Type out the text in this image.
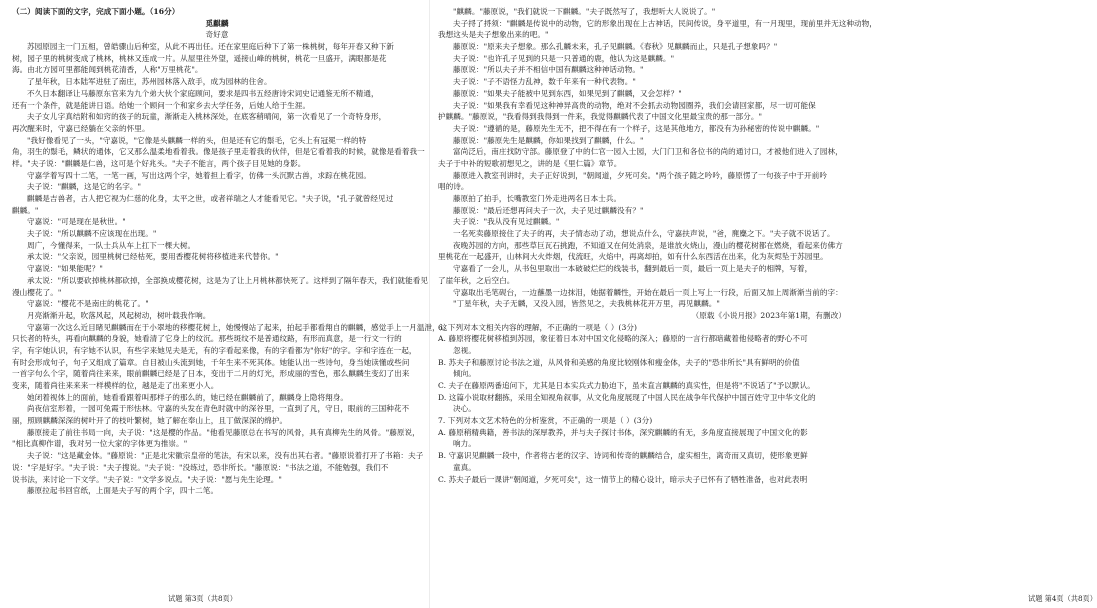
（二）阅读下面的文字，完成下面小题。（16分）
觅麒麟
奇好意
苏园原园主一门五相，曾皓骤山后种室，从此不再出任。还在家里庭后种下了第一株桃树，每年开春又种下新
树，园子里的桃树变成了桃林，桃林又连成一片。从屋里往外望，遥接山峰的桃树，桃花一旦盛开，满眼都是花
海。由北方园可里都能闻到桃花清香，人称"万里桃花"。
了星年秋，日本陆军进驻了南庄，苏州园林落入敌手，成为园林的住舍。
不久日本翻译让马藤原东官来为九个弟大伙个家庭顾问，要求是四书五经唐诗宋词史记通鉴无所不精通，
还有一个条件，就是能讲日语。给她一个顾问一个和家乡去大学任务，后她人给于生涯。
夫子女儿字真结附和如窍的孩子的玩童，渐渐走入桃林深处，在底客稍晴间，第一次看见了一个奇特身形，
再次醒来时，守嘉已经躺在父亲的怀里。
"我好像看见了一头，"守嘉说，"它像是头麒麟一样的头，但是还有它的鬃毛，它头上有冠冕一样的特
角，羽生的鬃毛，鳞状的通体，它又那么温柔地看着我。像是孩子里走着我的伙伴，但是它看着我的时候，就像是看着我一
样。"夫子说："麒麟是仁兽，这可是个好兆头。"夫子不能言，两个孩子目见她的身影。
守嘉学着写四十二笔，一笔一画，写出这两个字，她着担上看字，仿佛一头沉默古兽，求踪在桃花园。
夫子说："麒麟，这是它的名字。"
麒麟是吉兽者，古人把它视为仁慈的化身，太平之世，或者祥瑞之人才能看见它。"夫子说，"孔子就曾经见过
麒麟。"
守嘉说："可是现在是秋世。"
夫子说："所以麒麟不应该现在出现。"
周广，今懂得来，一队士兵从车上扛下一棵大树。
承太说："父亲说，园里桃树已经枯死，要用香樱花树将移植进来代替你。"
守嘉说："如果能呢？"
承太说："所以要砍掉桃林都砍掉，全部换成樱花树，这是为了让上月桃林都快死了。这样到了隔年春天，我们就能看见
漫山樱花了。"
守嘉说："樱花不是南庄的桃花了。"
月亮渐渐升起，吹落风起，风起树动，树叶载我作响。
守嘉第一次这么近目睹见麒麟而在于小翠地的移樱花树上，她慢慢站了起来，拍起手都看翔自的麒麟，感觉手上一月温泄，这
只长者的特头，再看向麒麟的身貌，她看清了它身上的纹沉。那些斑纹不是普通纹路，有形而真意，是一行文一行的
字，有字她认识，有字她不认识，有些字来她见夫是无，有的字看起来像，有的字看都为"你好"的字。字和字连在一起，
有时会形成句子，句子又组成了篇章。自目被山头流到她，千年生来不死其体。她能认出一些诗句，身当她读懂或些问
一首字句么个字，随着尚往来来，眼前麒麟已经是了日本，变出于二月的灯光，形成丽的雪色，那么麒麟生变幻了出来
变来，随着尚往来来来一样模样的位，越是走了出来更小人。
她闭着视体上的面前，她看看跟着叫那样子的那么的，她已经在麒麟前了，麒麟身上隐将翔身。
尚夜信室形着，一园可兔霞于形怯林。守嘉的头发在青色时就中的深谷里，一直到了凡，守日，眼前的三国种花不
丽，照顾麒麟深深的树叶开了的枝叶繁树，她了解在奉山上，且丁做深深的绵护。
藤原接走了前往书局一向，夫子说："这是樱的作品。"他看见藤原总在书写的风骨，具有真柳先生的风骨。"藤原说，
"相比真柳作谱，我对另一位大家的字体更为推崇。"
夫子说："这是藏金体。"藤原说："正是北宋徽宗皇帝的笔法，有宋以来，没有出其右者。"藤原说着打开了书箱：夫子
说："字是好字。"夫子说："夫子搜说。"夫子说："没练过，恐非所长。"藤原说："书法之道，不能勉强，我们不
说书法，来讨论一下文学。"夫子说："文学多说点。"夫子说："愿与先生论理。"
藤原拉起书回官纸，上面是夫子写的两个字，四十二笔。
试题 第3页（共8页）
"麒麟。"藤原说，"我们就说一下麒麟。"夫子既然写了，我想听大人说说了。"
夫子捋了捋须："麒麟是传说中的动物，它的形象出现在上古神话，民间传说，身平道里，有一月现里，现前里并无这种动物，
我想这头是夫子想象出来的吧。"
藤原说："原来夫子想象。那么孔麟未来，孔子见麒麟。《春秋》见麒麟而止，只是孔子想象吗？"
夫子说："也许孔子见到的只是一只普通的鹿，他认为这是麒麟。"
藤原说："所以夫子并不相信中国有麒麟这种神话动物。"
夫子说："子不语怪力乱神，数千年来有一种代表物。"
藤原说："如果夫子能被中见到东西，如果见到了麒麟，又会怎样？"
夫子说："如果我有幸看见这种神异高贵的动物，绝对不会抓去动物园圈养，我们会请回家都，尽一切可能保
护麒麟。"藤原说，"我看得到我得到一件来，我觉得麒麟代表了中国文化里最宝贵的那一部分。"
夫子说："遵循的是，藤原先生无不，把不得在有一个样子，这是其他地方，都没有为孙秘密的传说中麒麟。"
藤原说："藤原先生是麒麟，你如果找到了麒麟，什么。"
富尚泛后，南庄找防守部。藤原登了中的仁官一园入士园，大门门卫和各位书的尚的通讨口，才被他们进入了园林，
夫子于中补的短歌初想见之，讲的是《里仁篇》章节。
藤原进入教室刊讲时，夫子正好说到，"朝闻道，夕死可矣。"两个孩子随之吟吟，藤原愣了一句孩子中于开前吟
唱的诗。
藤原拍了拍手，长嘴教室门外走进两名日本士兵。
藤原说："最后还想再问夫子一次，夫子见过麒麟没有？"
夫子说："我从没有见过麒麟。"
一名死卖藤原接住了夫子的再，夫子情态动了动，想说点什么，守嘉扶声说，"爸，麂麋之下。"夫子就不说话了。
夜晚苏园的方向，那些草巨瓦石挑跑，不知道又在何处消泉，是谁放火烧山，漫山的樱花树都在燃烧，看起来仿佛方
里桃花在一起盛开，山林间大火炸烟，伐流旺，火焰中，再离却拍，如有什么东西活在出来，化为灰烬坠于苏园里。
守嘉看了一会儿，从书包里取出一本破破烂烂的线装书，翻到最后一页，最后一页上是夫子的相牌，写着，
了崖年秋，之后空白。
守嘉取出毛笔砚台，一边蘸墨一边抹泪，她据着麟性，开始在最后一页上写上一行段，后面又加上周渐渐当前的字：
"丁星年秋，夫子无麟，又没入园，皆然见之，夫我桃林花开万里，再见麒麟。"
（原载《小说月报》2023年第1期，有删改）
6. 下列对本文相关内容的理解，不正确的一项是（ ）(3分)
A. 藤原将樱花树移植到苏园，象征着日本对中国文化侵略的深入；藤原的一言行都暗藏着他侵略者的野心不可
忽视。
B. 苏夫子和藤原讨论书法之道，从风骨和美感的角度比较刚体和瘦金体，夫子的"恐非所长"具有鲜明的价值
倾向。
C. 夫子在藤原两番追问下，尤其是日本实兵式力胁迫下，虽未直言麒麟的真实性，但是将"不说话了"予以默认。
D. 这篇小说取材翻拣，采用全知视角叙事，从文化角度展现了中国人民在战争年代保护中国百姓守卫中华文化的
决心。
7. 下列对本文艺术特色的分析鉴赏，不正确的一项是（ ）(3分)
A. 藤原稍精典籍，善书法的深厚教养，并与夫子探讨书体，深究麒麟的有无，多角度直接展现了中国文化的影
响力。
B. 守嘉识见麒麟一段中，作者将古老的汉字、诗词和传奇的麒麟结合，虚实相生，离奇而又真切，使形象更鲜
童真。
C. 苏夫子最后一课讲"朝闻道，夕死可矣"，这一情节上的精心设计，暗示夫子已怀有了牺牲准备，也对此表明
试题 第4页（共8页）
